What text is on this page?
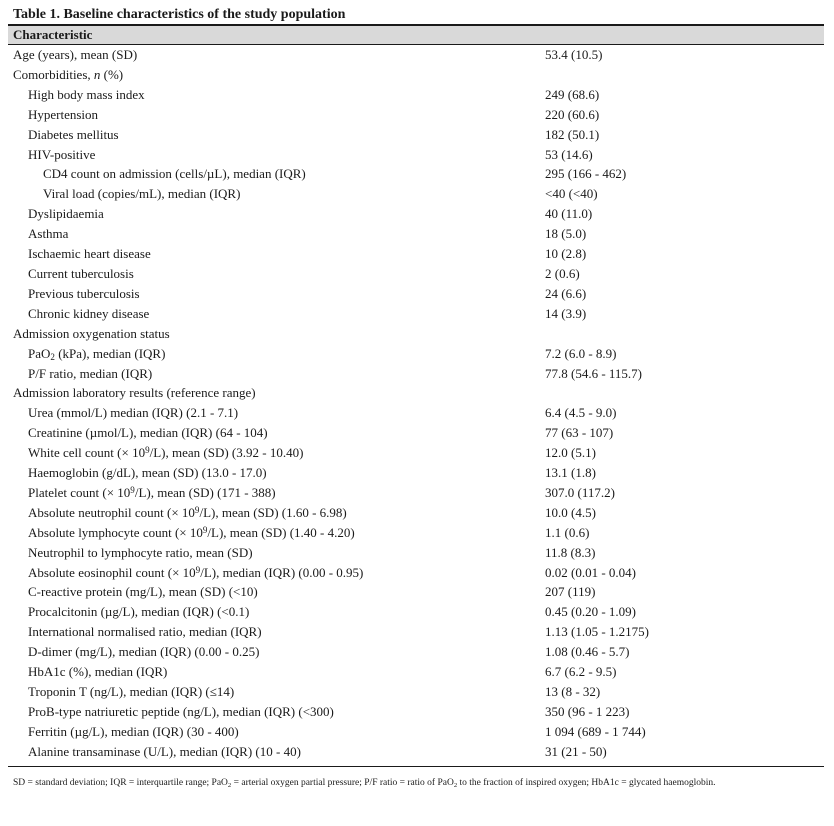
Table 1. Baseline characteristics of the study population
Characteristic
Age (years), mean (SD)	53.4 (10.5)
Comorbidities, n (%)
High body mass index	249 (68.6)
Hypertension	220 (60.6)
Diabetes mellitus	182 (50.1)
HIV-positive	53 (14.6)
CD4 count on admission (cells/µL), median (IQR)	295 (166 - 462)
Viral load (copies/mL), median (IQR)	<40 (<40)
Dyslipidaemia	40 (11.0)
Asthma	18 (5.0)
Ischaemic heart disease	10 (2.8)
Current tuberculosis	2 (0.6)
Previous tuberculosis	24 (6.6)
Chronic kidney disease	14 (3.9)
Admission oxygenation status
PaO$_2$ (kPa), median (IQR)	7.2 (6.0 - 8.9)
P/F ratio, median (IQR)	77.8 (54.6 - 115.7)
Admission laboratory results (reference range)
Urea (mmol/L) median (IQR) (2.1 - 7.1)	6.4 (4.5 - 9.0)
Creatinine (µmol/L), median (IQR) (64 - 104)	77 (63 - 107)
White cell count (× $10^9/L$), mean (SD) (3.92 - 10.40)	12.0 (5.1)
Haemoglobin (g/dL), mean (SD) (13.0 - 17.0)	13.1 (1.8)
Platelet count (× $10^9/L$), mean (SD) (171 - 388)	307.0 (117.2)
Absolute neutrophil count (× $10^9/L$), mean (SD) (1.60 - 6.98)	10.0 (4.5)
Absolute lymphocyte count (× $10^9/L$), mean (SD) (1.40 - 4.20)	1.1 (0.6)
Neutrophil to lymphocyte ratio, mean (SD)	11.8 (8.3)
Absolute eosinophil count (× $10^9/L$), median (IQR) (0.00 - 0.95)	0.02 (0.01 - 0.04)
C-reactive protein (mg/L), mean (SD) (<10)	207 (119)
Procalcitonin (µg/L), median (IQR) (<0.1)	0.45 (0.20 - 1.09)
International normalised ratio, median (IQR)	1.13 (1.05 - 1.2175)
D-dimer (mg/L), median (IQR) (0.00 - 0.25)	1.08 (0.46 - 5.7)
HbA1c (%), median (IQR)	6.7 (6.2 - 9.5)
Troponin T (ng/L), median (IQR) (≤14)	13 (8 - 32)
ProB-type natriuretic peptide (ng/L), median (IQR) (<300)	350 (96 - 1 223)
Ferritin (µg/L), median (IQR) (30 - 400)	1 094 (689 - 1 744)
Alanine transaminase (U/L), median (IQR) (10 - 40)	31 (21 - 50)
SD = standard deviation; IQR = interquartile range; PaO$_2$ = arterial oxygen partial pressure; P/F ratio = ratio of PaO$_2$ to the fraction of inspired oxygen; HbA1c = glycated haemoglobin.
